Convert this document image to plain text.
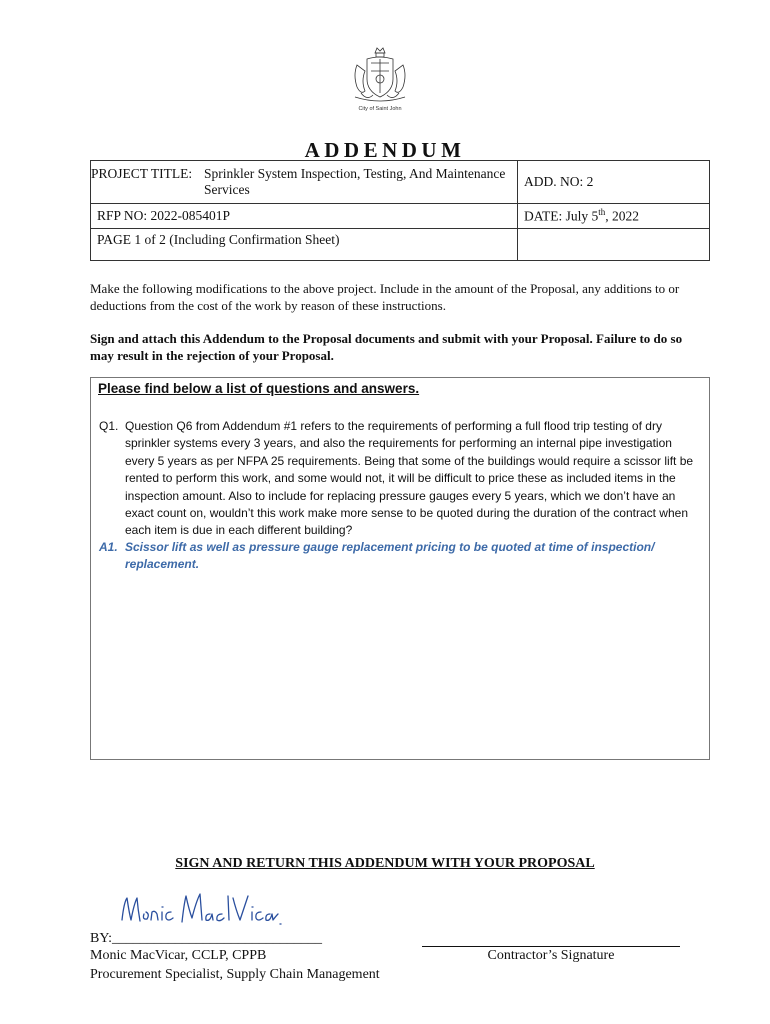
City of Saint John
ADDENDUM
PROJECT TITLE: Sprinkler System Inspection, Testing, And Maintenance Services	ADD. NO: 2
RFP NO: 2022-085401P	DATE: July 5th, 2022
PAGE 1 of 2 (Including Confirmation Sheet)	
Make the following modifications to the above project. Include in the amount of the Proposal, any additions to or deductions from the cost of the work by reason of these instructions.
Sign and attach this Addendum to the Proposal documents and submit with your Proposal. Failure to do so may result in the rejection of your Proposal.
Please find below a list of questions and answers.
Q1. Question Q6 from Addendum #1 refers to the requirements of performing a full flood trip testing of dry sprinkler systems every 3 years, and also the requirements for performing an internal pipe investigation every 5 years as per NFPA 25 requirements. Being that some of the buildings would require a scissor lift be rented to perform this work, and some would not, it will be difficult to price these as included items in the inspection amount. Also to include for replacing pressure gauges every 5 years, which we don’t have an exact count on, wouldn’t this work make more sense to be quoted during the duration of the contract when each item is due in each different building?
A1. Scissor lift as well as pressure gauge replacement pricing to be quoted at time of inspection/ replacement.
SIGN AND RETURN THIS ADDENDUM WITH YOUR PROPOSAL
BY:______________________________
Monic MacVicar, CCLP, CPPB
Procurement Specialist, Supply Chain Management
Contractor’s Signature
